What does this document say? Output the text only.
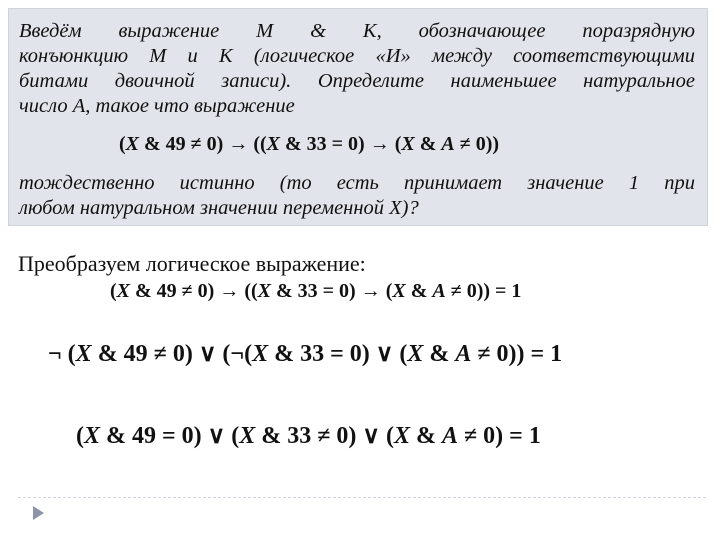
Введём выражение M & K, обозначающее поразрядную
конъюнкцию M и K (логическое «И» между соответствующими
битами двоичной записи). Определите наименьшее натуральное
число A, такое что выражение
(X & 49 ≠ 0) → ((X & 33 = 0) → (X & A ≠ 0))
тождественно истинно (то есть принимает значение 1 при
любом натуральном значении переменной X)?
Преобразуем логическое выражение:
(X & 49 ≠ 0) → ((X & 33 = 0) → (X & A ≠ 0)) = 1
¬ (X & 49 ≠ 0) ∨ (¬(X & 33 = 0) ∨ (X & A ≠ 0)) = 1
(X & 49 = 0) ∨ (X & 33 ≠ 0) ∨ (X & A ≠ 0) = 1
